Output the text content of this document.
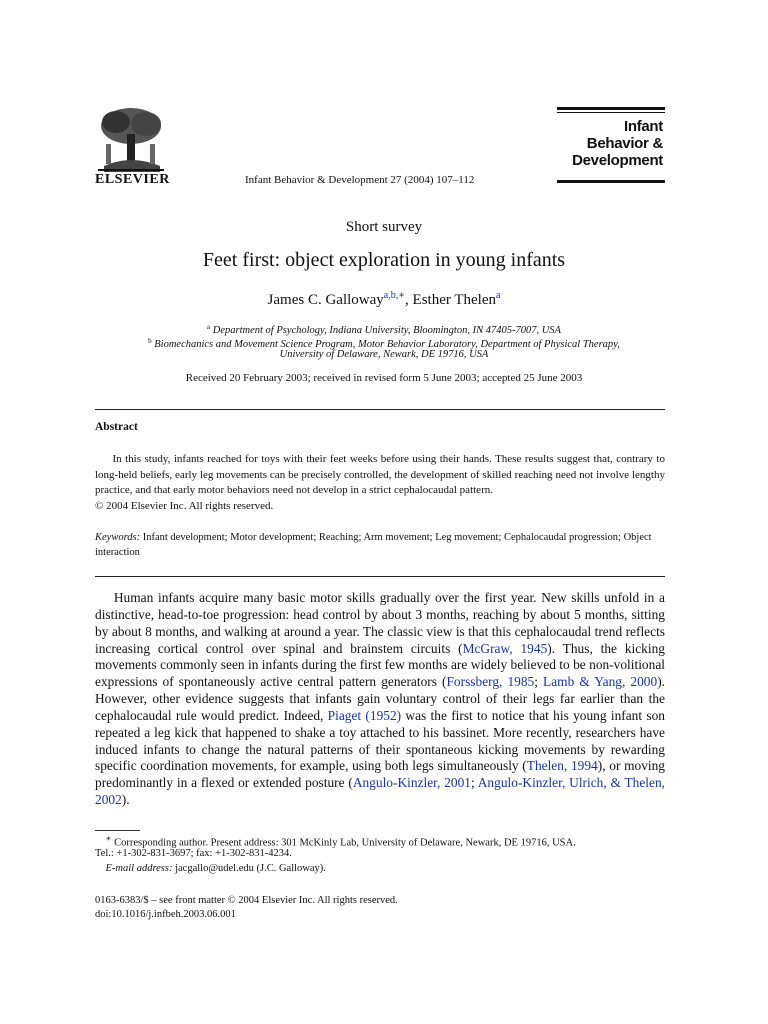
ELSEVIER	Infant Behavior & Development 27 (2004) 107–112
Infant
Behavior &
Development
Short survey
Feet first: object exploration in young infants
James C. Galloway$^{a,b,∗}$, Esther Thelen$^a$
$^a$ Department of Psychology, Indiana University, Bloomington, IN 47405-7007, USA
$^b$ Biomechanics and Movement Science Program, Motor Behavior Laboratory, Department of Physical Therapy,
University of Delaware, Newark, DE 19716, USA
Received 20 February 2003; received in revised form 5 June 2003; accepted 25 June 2003
Abstract
In this study, infants reached for toys with their feet weeks before using their hands. These results suggest that, contrary to long-held beliefs, early leg movements can be precisely controlled, the development of skilled reaching need not involve lengthy practice, and that early motor behaviors need not develop in a strict cephalocaudal pattern.
© 2004 Elsevier Inc. All rights reserved.
Keywords: Infant development; Motor development; Reaching; Arm movement; Leg movement; Cephalocaudal progression; Object interaction
Human infants acquire many basic motor skills gradually over the first year. New skills unfold in a distinctive, head-to-toe progression: head control by about 3 months, reaching by about 5 months, sitting by about 8 months, and walking at around a year. The classic view is that this cephalocaudal trend reflects increasing cortical control over spinal and brainstem circuits (McGraw, 1945). Thus, the kicking movements commonly seen in infants during the first few months are widely believed to be non-volitional expressions of spontaneously active central pattern generators (Forssberg, 1985; Lamb & Yang, 2000). However, other evidence suggests that infants gain voluntary control of their legs far earlier than the cephalocaudal rule would predict. Indeed, Piaget (1952) was the first to notice that his young infant son repeated a leg kick that happened to shake a toy attached to his bassinet. More recently, researchers have induced infants to change the natural patterns of their spontaneous kicking movements by rewarding specific coordination movements, for example, using both legs simultaneously (Thelen, 1994), or moving predominantly in a flexed or extended posture (Angulo-Kinzler, 2001; Angulo-Kinzler, Ulrich, & Thelen, 2002).
∗ Corresponding author. Present address: 301 McKinly Lab, University of Delaware, Newark, DE 19716, USA.
Tel.: +1-302-831-3697; fax: +1-302-831-4234.
E-mail address: jacgallo@udel.edu (J.C. Galloway).
0163-6383/$ – see front matter © 2004 Elsevier Inc. All rights reserved.
doi:10.1016/j.infbeh.2003.06.001
